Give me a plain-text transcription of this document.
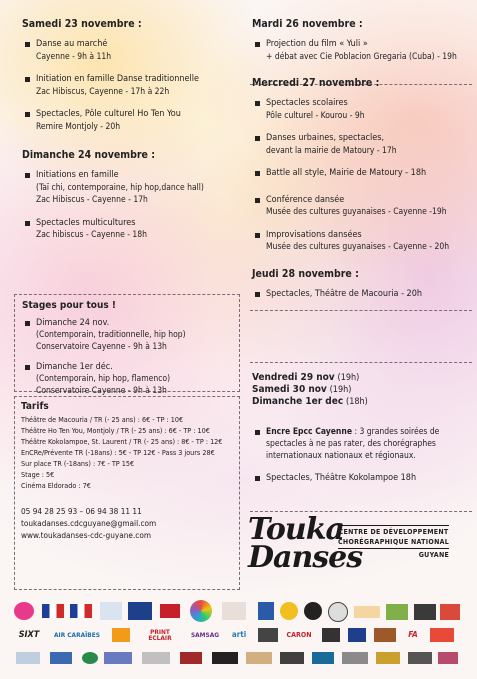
Samedi 23 novembre :
Danse au marché
Cayenne - 9h à 11h
Initiation en famille Danse traditionnelle
Zac Hibiscus, Cayenne - 17h à 22h
Spectacles, Pôle culturel Ho Ten You
Remire Montjoly - 20h
Dimanche 24 novembre :
Initiations en famille
(Taï chi, contemporaine, hip hop,dance hall)
Zac Hibiscus - Cayenne - 17h
Spectacles multicultures
Zac hibiscus - Cayenne - 18h
Stages pour tous !
Dimanche 24 nov.
(Contemporain, traditionnelle, hip hop)
Conservatoire Cayenne - 9h à 13h
Dimanche 1er déc.
(Contemporain, hip hop, flamenco)
Conservatoire Cayenne - 9h à 13h
Tarifs
Théâtre de Macouria / TR (- 25 ans) : 6€ - TP : 10€
Théâtre Ho Ten You, Montjoly / TR (- 25 ans) : 6€ - TP : 10€
Théâtre Kokolampoe, St. Laurent / TR (- 25 ans) : 8€ - TP : 12€
EnCRe/Prévente TR (-18ans) : 5€ - TP 12€ - Pass 3 jours 28€
Sur place TR (-18ans) : 7€ - TP 15€
Stage : 5€
Cinéma Eldorado : 7€
05 94 28 25 93 – 06 94 38 11 11
toukadanses.cdcguyane@gmail.com
www.toukadanses-cdc-guyane.com
Mardi 26 novembre :
Projection du film « Yuli »
+ débat avec Cie Poblacion Gregaria (Cuba) - 19h
Mercredi 27 novembre :
Spectacles scolaires
Pôle culturel - Kourou - 9h
Danses urbaines, spectacles,
devant la mairie de Matoury - 17h
Battle all style, Mairie de Matoury - 18h
Conférence dansée
Musée des cultures guyanaises - Cayenne -19h
Improvisations dansées
Musée des cultures guyanaises - Cayenne - 20h
Jeudi 28 novembre :
Spectacles, Théâtre de Macouria - 20h
Vendredi 29 nov (19h)
Samedi 30 nov (19h)
Dimanche 1er dec (18h)
Encre Epcc Cayenne : 3 grandes soirées de spectacles à ne pas rater, des chorégraphes internationaux nationaux et régionaux.
Spectacles, Théâtre Kokolampoe 18h
Touka
Danses
CENTRE DE DÉVELOPPEMENT
CHORÉGRAPHIQUE NATIONAL
GUYANE
SIXT	AIR CARAÏBES	PRINT ECLAIR	SAMSAG	arti	CARON	FA
